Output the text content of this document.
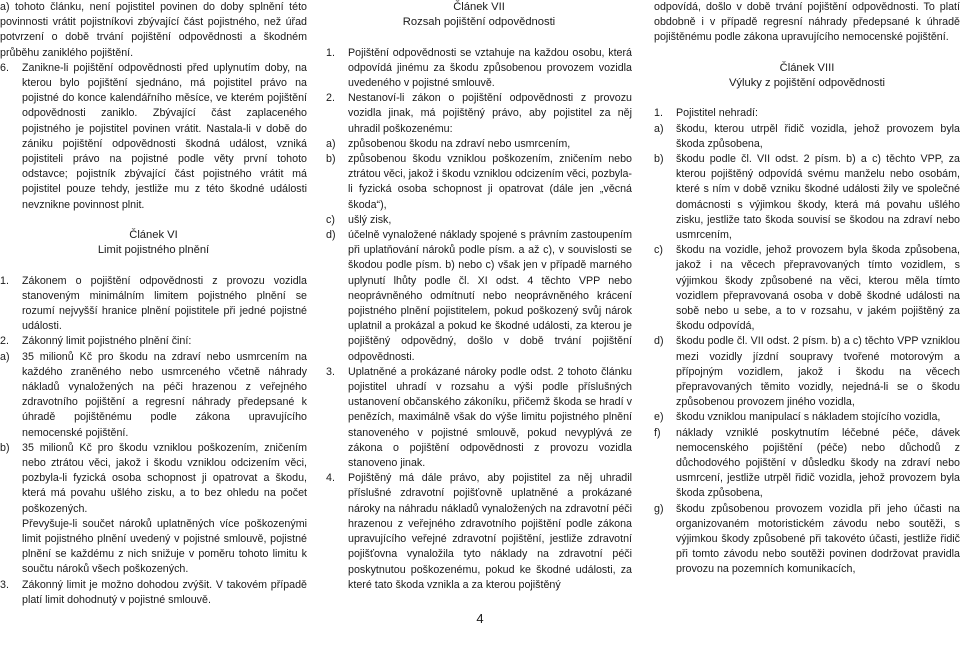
a) tohoto článku, není pojistitel povinen do doby splnění této povinnosti vrátit pojistníkovi zbývající část pojistného, než úřad potvrzení o době trvání pojištění odpovědnosti a škodném průběhu zaniklého pojištění.

6.	Zanikne-li pojištění odpovědnosti před uplynutím doby, na kterou bylo pojištění sjednáno, má pojistitel právo na pojistné do konce kalendářního měsíce, ve kterém pojištění odpovědnosti zaniklo. Zbývající část zaplaceného pojistného je pojistitel povinen vrátit. Nastala-li v době do zániku pojištění odpovědnosti škodná událost, vzniká pojistiteli právo na pojistné podle věty první tohoto odstavce; pojistník zbývající část pojistného vrátit má pojistitel pouze tehdy, jestliže mu z této škodné události nevznikne povinnost plnit.
Článek VI
Limit pojistného plnění
1.	Zákonem o pojištění odpovědnosti z provozu vozidla stanoveným minimálním limitem pojistného plnění se rozumí nejvyšší hranice plnění pojistitele při jedné pojistné události.
2.	Zákonný limit pojistného plnění činí:
a)	35 milionů Kč pro škodu na zdraví nebo usmrcením na každého zraněného nebo usmrceného včetně náhrady nákladů vynaložených na péči hrazenou z veřejného zdravotního pojištění a regresní náhrady předepsané k úhradě pojištěnému podle zákona upravujícího nemocenské pojištění.
b)	35 milionů Kč pro škodu vzniklou poškozením, zničením nebo ztrátou věci, jakož i škodu vzniklou odcizením věci, pozbyla-li fyzická osoba schopnost ji opatrovat a škodu, která má povahu ušlého zisku, a to bez ohledu na počet poškozených.

Převyšuje-li součet nároků uplatněných více poškozenými limit pojistného plnění uvedený v pojistné smlouvě, pojistné plnění se každému z nich snižuje v poměru tohoto limitu k součtu nároků všech poškozených.

3.	Zákonný limit je možno dohodou zvýšit. V takovém případě platí limit dohodnutý v pojistné smlouvě.
Článek VII
Rozsah pojištění odpovědnosti
1.	Pojištění odpovědnosti se vztahuje na každou osobu, která odpovídá jinému za škodu způsobenou provozem vozidla uvedeného v pojistné smlouvě.
2.	Nestanoví-li zákon o pojištění odpovědnosti z provozu vozidla jinak, má pojištěný právo, aby pojistitel za něj uhradil poškozenému:
a)	způsobenou škodu na zdraví nebo usmrcením,
b)	způsobenou škodu vzniklou poškozením, zničením nebo ztrátou věci, jakož i škodu vzniklou odcizením věci, pozbyla-li fyzická osoba schopnost ji opatrovat (dále jen „věcná škoda“),
c)	ušlý zisk,
d)	účelně vynaložené náklady spojené s právním zastoupením při uplatňování nároků podle písm. a až c), v souvislosti se škodou podle písm. b) nebo c) však jen v případě marného uplynutí lhůty podle čl. XI odst. 4 těchto VPP nebo neoprávněného odmítnutí nebo neoprávněného krácení pojistného plnění pojistitelem, pokud poškozený svůj nárok uplatnil a prokázal a pokud ke škodné události, za kterou je pojištěný odpovědný, došlo v době trvání pojištění odpovědnosti.
3.	Uplatněné a prokázané nároky podle odst. 2 tohoto článku pojistitel uhradí v rozsahu a výši podle příslušných ustanovení občanského zákoníku, přičemž škoda se hradí v penězích, maximálně však do výše limitu pojistného plnění stanoveného v pojistné smlouvě, pokud nevyplývá ze zákona o pojištění odpovědnosti z provozu vozidla stanoveno jinak.
4.	Pojištěný má dále právo, aby pojistitel za něj uhradil příslušné zdravotní pojišťovně uplatněné a prokázané nároky na náhradu nákladů vynaložených na zdravotní péči hrazenou z veřejného zdravotního pojištění podle zákona upravujícího veřejné zdravotní pojištění, jestliže zdravotní pojišťovna vynaložila tyto náklady na zdravotní péči poskytnutou poškozenému, pokud ke škodné události, za které tato škoda vznikla a za kterou pojištěný

odpovídá, došlo v době trvání pojištění odpovědnosti. To platí obdobně i v případě regresní náhrady předepsané k úhradě pojištěnému podle zákona upravujícího nemocenské pojištění.

Článek VIII
Výluky z pojištění odpovědnosti
1.	Pojistitel nehradí:
a)	škodu, kterou utrpěl řidič vozidla, jehož provozem byla škoda způsobena,
b)	škodu podle čl. VII odst. 2 písm. b) a c) těchto VPP, za kterou pojištěný odpovídá svému manželu nebo osobám, které s ním v době vzniku škodné události žily ve společné domácnosti s výjimkou škody, která má povahu ušlého zisku, jestliže tato škoda souvisí se škodou na zdraví nebo usmrcením,
c)	škodu na vozidle, jehož provozem byla škoda způsobena, jakož i na věcech přepravovaných tímto vozidlem, s výjimkou škody způsobené na věci, kterou měla tímto vozidlem přepravovaná osoba v době škodné události na sobě nebo u sebe, a to v rozsahu, v jakém pojištěný za škodu odpovídá,
d)	škodu podle čl. VII odst. 2 písm. b) a c) těchto VPP vzniklou mezi vozidly jízdní soupravy tvořené motorovým a přípojným vozidlem, jakož i škodu na věcech přepravovaných těmito vozidly, nejedná-li se o škodu způsobenou provozem jiného vozidla,
e)	škodu vzniklou manipulací s nákladem stojícího vozidla,
f)	náklady vzniklé poskytnutím léčebné péče, dávek nemocenského pojištění (péče) nebo důchodů z důchodového pojištění v důsledku škody na zdraví nebo usmrcení, jestliže utrpěl řidič vozidla, jehož provozem byla škoda způsobena,
g)	škodu způsobenou provozem vozidla při jeho účasti na organizovaném motoristickém závodu nebo soutěži, s výjimkou škody způsobené při takovéto účasti, jestliže řidič při tomto závodu nebo soutěži povinen dodržovat pravidla provozu na pozemních komunikacích,
4
